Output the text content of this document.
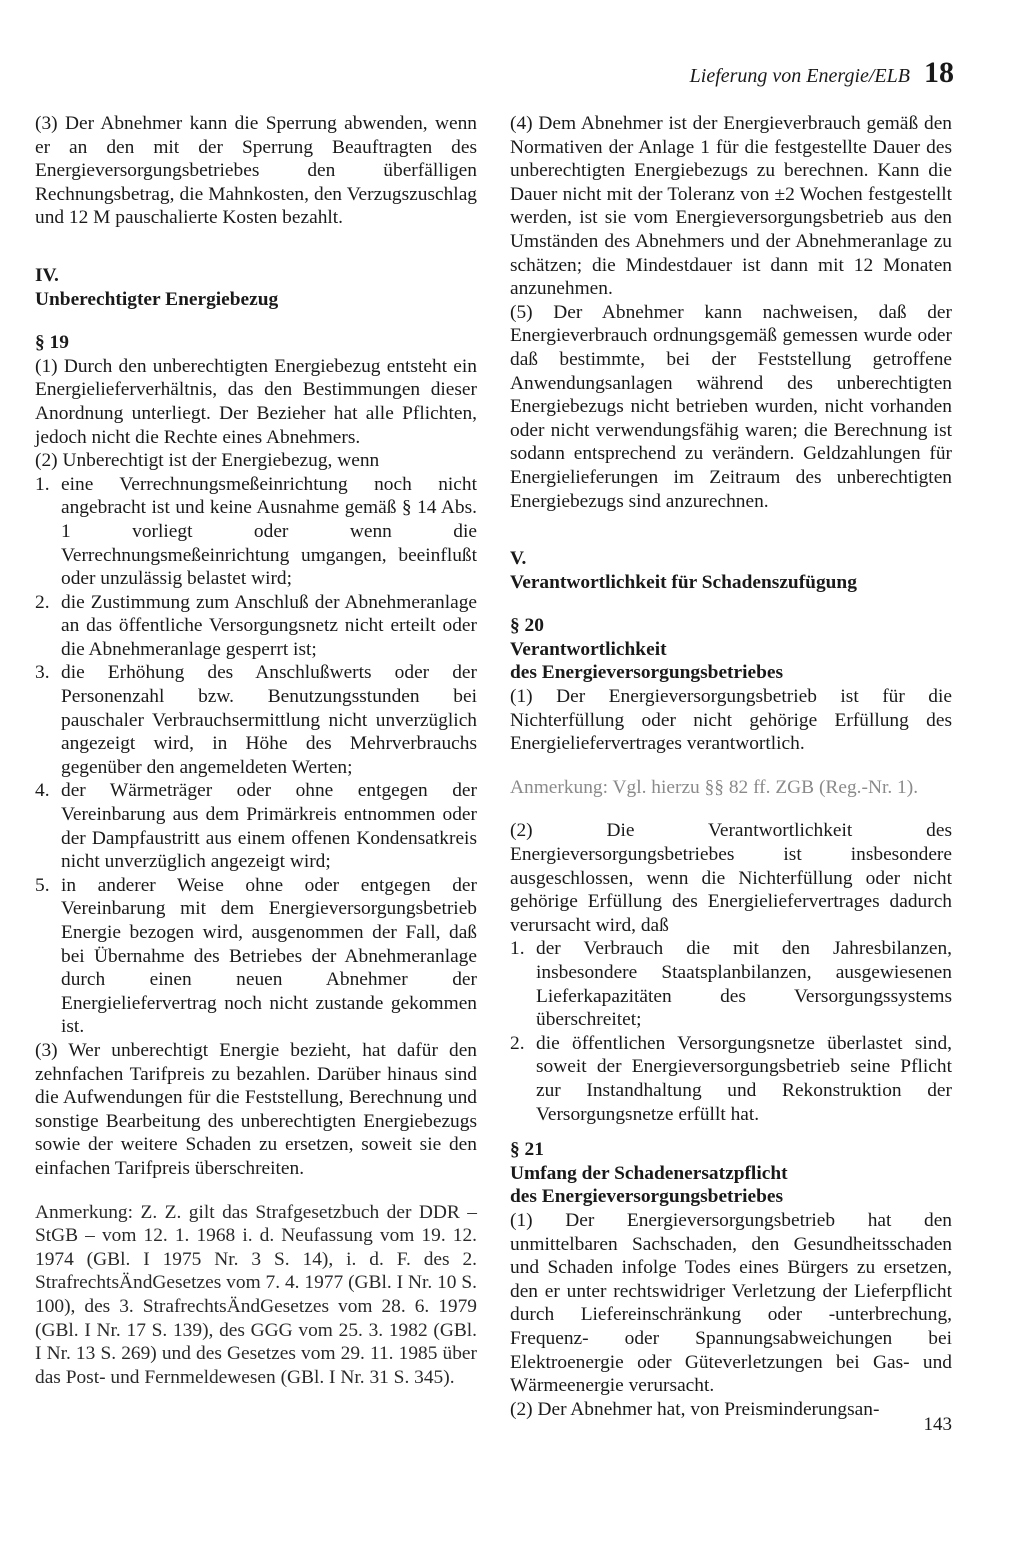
Lieferung von Energie/ELB 18

(3) Der Abnehmer kann die Sperrung abwenden, wenn er an den mit der Sperrung Beauftragten des Energieversorgungsbetriebes den überfälligen Rechnungsbetrag, die Mahnkosten, den Verzugszuschlag und 12 M pauschalierte Kosten bezahlt.

IV.

Unberechtigter Energiebezug

§ 19

(1) Durch den unberechtigten Energiebezug entsteht ein Energielieferverhältnis, das den Bestimmungen dieser Anordnung unterliegt. Der Bezieher hat alle Pflichten, jedoch nicht die Rechte eines Abnehmers.

(2) Unberechtigt ist der Energiebezug, wenn

1. eine Verrechnungsmeßeinrichtung noch nicht angebracht ist und keine Ausnahme gemäß § 14 Abs. 1 vorliegt oder wenn die Verrechnungsmeßeinrichtung umgangen, beeinflußt oder unzulässig belastet wird;
2. die Zustimmung zum Anschluß der Abnehmeranlage an das öffentliche Versorgungsnetz nicht erteilt oder die Abnehmeranlage gesperrt ist;
3. die Erhöhung des Anschlußwerts oder der Personenzahl bzw. Benutzungsstunden bei pauschaler Verbrauchsermittlung nicht unverzüglich angezeigt wird, in Höhe des Mehrverbrauchs gegenüber den angemeldeten Werten;
4. der Wärmeträger oder ohne entgegen der Vereinbarung aus dem Primärkreis entnommen oder der Dampfaustritt aus einem offenen Kondensatkreis nicht unverzüglich angezeigt wird;
5. in anderer Weise ohne oder entgegen der Vereinbarung mit dem Energieversorgungsbetrieb Energie bezogen wird, ausgenommen der Fall, daß bei Übernahme des Betriebes der Abnehmeranlage durch einen neuen Abnehmer der Energieliefervertrag noch nicht zustande gekommen ist.

(3) Wer unberechtigt Energie bezieht, hat dafür den zehnfachen Tarifpreis zu bezahlen. Darüber hinaus sind die Aufwendungen für die Feststellung, Berechnung und sonstige Bearbeitung des unberechtigten Energiebezugs sowie der weitere Schaden zu ersetzen, soweit sie den einfachen Tarifpreis überschreiten.

Anmerkung: Z. Z. gilt das Strafgesetzbuch der DDR – StGB – vom 12. 1. 1968 i. d. Neufassung vom 19. 12. 1974 (GBl. I 1975 Nr. 3 S. 14), i. d. F. des 2. StrafrechtsÄndGesetzes vom 7. 4. 1977 (GBl. I Nr. 10 S. 100), des 3. StrafrechtsÄndGesetzes vom 28. 6. 1979 (GBl. I Nr. 17 S. 139), des GGG vom 25. 3. 1982 (GBl. I Nr. 13 S. 269) und des Gesetzes vom 29. 11. 1985 über das Post- und Fernmeldewesen (GBl. I Nr. 31 S. 345).

(4) Dem Abnehmer ist der Energieverbrauch gemäß den Normativen der Anlage 1 für die festgestellte Dauer des unberechtigten Energiebezugs zu berechnen. Kann die Dauer nicht mit der Toleranz von ±2 Wochen festgestellt werden, ist sie vom Energieversorgungsbetrieb aus den Umständen des Abnehmers und der Abnehmeranlage zu schätzen; die Mindestdauer ist dann mit 12 Monaten anzunehmen.

(5) Der Abnehmer kann nachweisen, daß der Energieverbrauch ordnungsgemäß gemessen wurde oder daß bestimmte, bei der Feststellung getroffene Anwendungsanlagen während des unberechtigten Energiebezugs nicht betrieben wurden, nicht vorhanden oder nicht verwendungsfähig waren; die Berechnung ist sodann entsprechend zu verändern. Geldzahlungen für Energielieferungen im Zeitraum des unberechtigten Energiebezugs sind anzurechnen.

V.

Verantwortlichkeit für Schadenszufügung

§ 20

Verantwortlichkeit

des Energieversorgungsbetriebes

(1) Der Energieversorgungsbetrieb ist für die Nichterfüllung oder nicht gehörige Erfüllung des Energieliefervertrages verantwortlich.

Anmerkung: Vgl. hierzu §§ 82 ff. ZGB (Reg.-Nr. 1).

(2) Die Verantwortlichkeit des Energieversorgungsbetriebes ist insbesondere ausgeschlossen, wenn die Nichterfüllung oder nicht gehörige Erfüllung des Energieliefervertrages dadurch verursacht wird, daß

1. der Verbrauch die mit den Jahresbilanzen, insbesondere Staatsplanbilanzen, ausgewiesenen Lieferkapazitäten des Versorgungssystems überschreitet;
2. die öffentlichen Versorgungsnetze überlastet sind, soweit der Energieversorgungsbetrieb seine Pflicht zur Instandhaltung und Rekonstruktion der Versorgungsnetze erfüllt hat.

§ 21

Umfang der Schadenersatzpflicht

des Energieversorgungsbetriebes

(1) Der Energieversorgungsbetrieb hat den unmittelbaren Sachschaden, den Gesundheitsschaden und Schaden infolge Todes eines Bürgers zu ersetzen, den er unter rechtswidriger Verletzung der Lieferpflicht durch Liefereinschränkung oder -unterbrechung, Frequenz- oder Spannungsabweichungen bei Elektroenergie oder Güteverletzungen bei Gas- und Wärmeenergie verursacht.

(2) Der Abnehmer hat, von Preisminderungsan-

143
